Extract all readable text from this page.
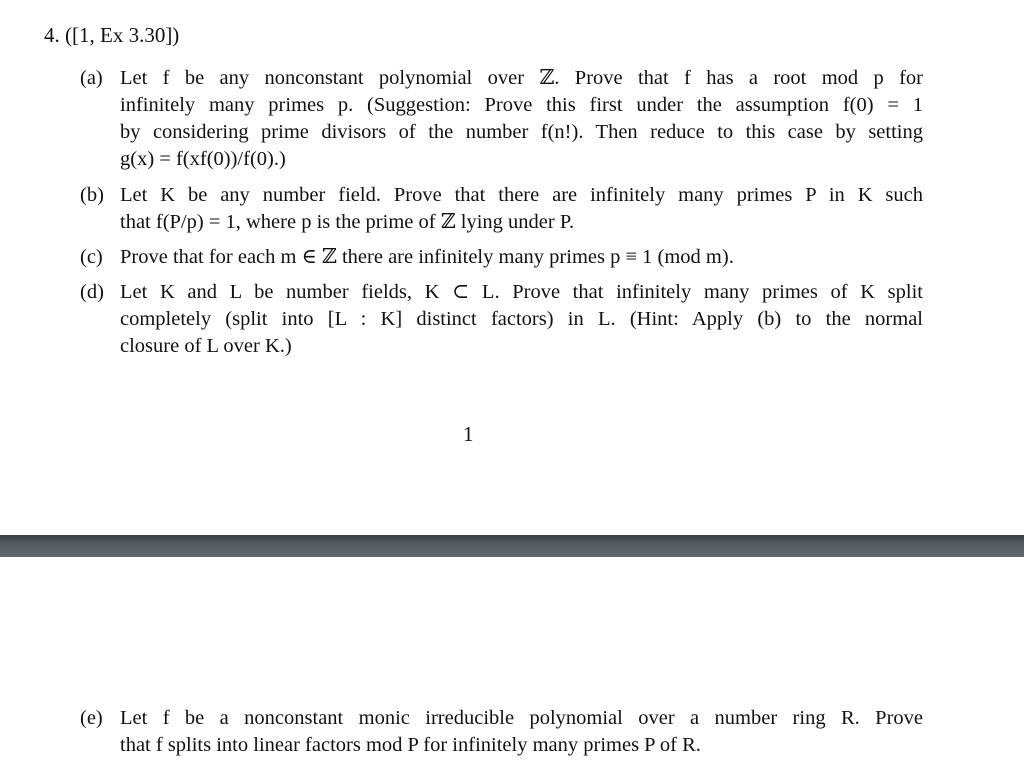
4. ([1, Ex 3.30])
(a) Let f be any nonconstant polynomial over ℤ. Prove that f has a root mod p for
infinitely many primes p. (Suggestion: Prove this first under the assumption f(0) = 1
by considering prime divisors of the number f(n!). Then reduce to this case by setting
g(x) = f(xf(0))/f(0).)
(b) Let K be any number field. Prove that there are infinitely many primes P in K such
that f(P/p) = 1, where p is the prime of ℤ lying under P.
(c) Prove that for each m ∈ ℤ there are infinitely many primes p ≡ 1 (mod m).
(d) Let K and L be number fields, K ⊂ L. Prove that infinitely many primes of K split
completely (split into [L : K] distinct factors) in L. (Hint: Apply (b) to the normal
closure of L over K.)
1
(e) Let f be a nonconstant monic irreducible polynomial over a number ring R. Prove
that f splits into linear factors mod P for infinitely many primes P of R.
